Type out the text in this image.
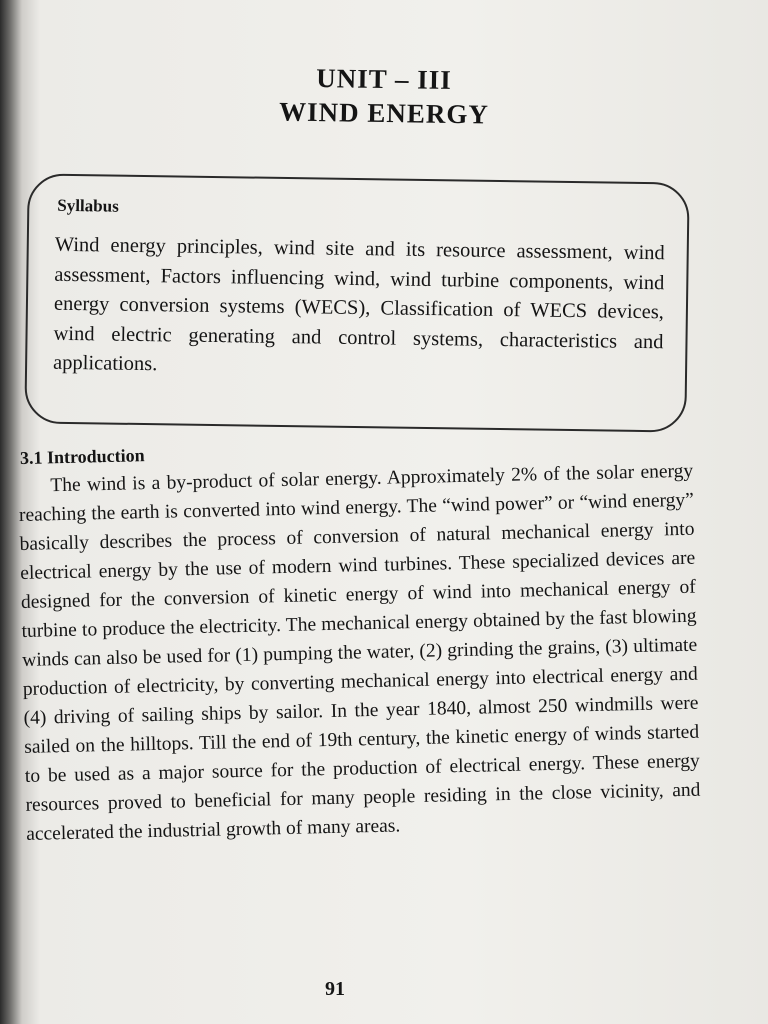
UNIT – III
WIND ENERGY
Syllabus
Wind energy principles, wind site and its resource assessment, wind assessment, Factors influencing wind, wind turbine components, wind energy conversion systems (WECS), Classification of WECS devices, wind electric generating and control systems, characteristics and applications.
3.1 Introduction
The wind is a by-product of solar energy. Approximately 2% of the solar energy reaching the earth is converted into wind energy. The “wind power” or “wind energy” basically describes the process of conversion of natural mechanical energy into electrical energy by the use of modern wind turbines. These specialized devices are designed for the conversion of kinetic energy of wind into mechanical energy of turbine to produce the electricity. The mechanical energy obtained by the fast blowing winds can also be used for (1) pumping the water, (2) grinding the grains, (3) ultimate production of electricity, by converting mechanical energy into electrical energy and (4) driving of sailing ships by sailor. In the year 1840, almost 250 windmills were sailed on the hilltops. Till the end of 19th century, the kinetic energy of winds started to be used as a major source for the production of electrical energy. These energy resources proved to beneficial for many people residing in the close vicinity, and accelerated the industrial growth of many areas.
91
